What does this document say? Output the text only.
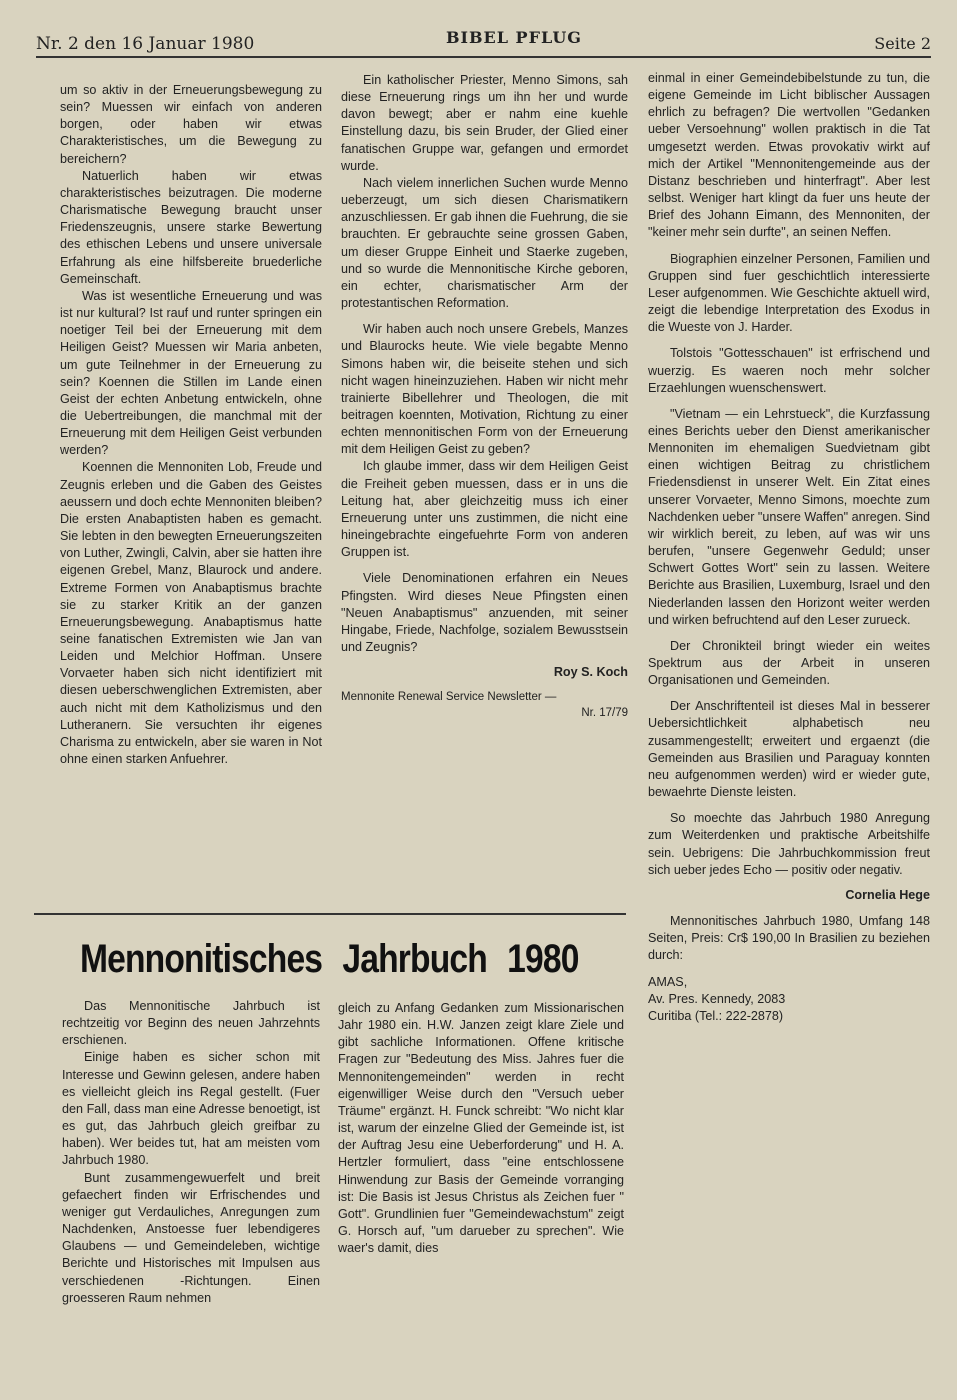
Nr. 2 den 16 Januar 1980	BIBEL PFLUG	Seite 2

um so aktiv in der Erneuerungsbewegung zu sein? Muessen wir einfach von anderen borgen, oder haben wir etwas Charakteristisches, um die Bewegung zu bereichern?

Natuerlich haben wir etwas charakteristisches beizutragen. Die moderne Charismatische Bewegung braucht unser Friedenszeugnis, unsere starke Bewertung des ethischen Lebens und unsere universale Erfahrung als eine hilfsbereite bruederliche Gemeinschaft.

Was ist wesentliche Erneuerung und was ist nur kultural? Ist rauf und runter springen ein noetiger Teil bei der Erneuerung mit dem Heiligen Geist? Muessen wir Maria anbeten, um gute Teilnehmer in der Erneuerung zu sein? Koennen die Stillen im Lande einen Geist der echten Anbetung entwickeln, ohne die Uebertreibungen, die manchmal mit der Erneuerung mit dem Heiligen Geist verbunden werden?

Koennen die Mennoniten Lob, Freude und Zeugnis erleben und die Gaben des Geistes aeussern und doch echte Mennoniten bleiben? Die ersten Anabaptisten haben es gemacht. Sie lebten in den bewegten Erneuerungszeiten von Luther, Zwingli, Calvin, aber sie hatten ihre eigenen Grebel, Manz, Blaurock und andere. Extreme Formen von Anabaptismus brachte sie zu starker Kritik an der ganzen Erneuerungsbewegung. Anabaptismus hatte seine fanatischen Extremisten wie Jan van Leiden und Melchior Hoffman. Unsere Vorvaeter haben sich nicht identifiziert mit diesen ueberschwenglichen Extremisten, aber auch nicht mit dem Katholizismus und den Lutheranern. Sie versuchten ihr eigenes Charisma zu entwickeln, aber sie waren in Not ohne einen starken Anfuehrer.

Ein katholischer Priester, Menno Simons, sah diese Erneuerung rings um ihn her und wurde davon bewegt; aber er nahm eine kuehle Einstellung dazu, bis sein Bruder, der Glied einer fanatischen Gruppe war, gefangen und ermordet wurde.

Nach vielem innerlichen Suchen wurde Menno ueberzeugt, um sich diesen Charismatikern anzuschliessen. Er gab ihnen die Fuehrung, die sie brauchten. Er gebrauchte seine grossen Gaben, um dieser Gruppe Einheit und Staerke zugeben, und so wurde die Mennonitische Kirche geboren, ein echter, charismatischer Arm der protestantischen Reformation.

Wir haben auch noch unsere Grebels, Manzes und Blaurocks heute. Wie viele begabte Menno Simons haben wir, die beiseite stehen und sich nicht wagen hineinzuziehen. Haben wir nicht mehr trainierte Bibellehrer und Theologen, die mit beitragen koennten, Motivation, Richtung zu einer echten mennonitischen Form von der Erneuerung mit dem Heiligen Geist zu geben?

Ich glaube immer, dass wir dem Heiligen Geist die Freiheit geben muessen, dass er in uns die Leitung hat, aber gleichzeitig muss ich einer Erneuerung unter uns zustimmen, die nicht eine hineingebrachte eingefuehrte Form von anderen Gruppen ist.

Viele Denominationen erfahren ein Neues Pfingsten. Wird dieses Neue Pfingsten einen "Neuen Anabaptismus" anzuenden, mit seiner Hingabe, Friede, Nachfolge, sozialem Bewusstsein und Zeugnis?

Roy S. Koch
Mennonite Renewal Service Newsletter —
Nr. 17/79
Mennonitisches Jahrbuch 1980

Das Mennonitische Jahrbuch ist rechtzeitig vor Beginn des neuen Jahrzehnts erschienen.

Einige haben es sicher schon mit Interesse und Gewinn gelesen, andere haben es vielleicht gleich ins Regal gestellt. (Fuer den Fall, dass man eine Adresse benoetigt, ist es gut, das Jahrbuch gleich greifbar zu haben). Wer beides tut, hat am meisten vom Jahrbuch 1980.

Bunt zusammengewuerfelt und breit gefaechert finden wir Erfrischendes und weniger gut Verdauliches, Anregungen zum Nachdenken, Anstoesse fuer lebendigeres Glaubens — und Gemeindeleben, wichtige Berichte und Historisches mit Impulsen aus verschiedenen -Richtungen. Einen groesseren Raum nehmen

gleich zu Anfang Gedanken zum Missionarischen Jahr 1980 ein. H.W. Janzen zeigt klare Ziele und gibt sachliche Informationen. Offene kritische Fragen zur "Bedeutung des Miss. Jahres fuer die Mennonitengemeinden" werden in recht eigenwilliger Weise durch den "Versuch ueber Träume" ergänzt. H. Funck schreibt: "Wo nicht klar ist, warum der einzelne Glied der Gemeinde ist, ist der Auftrag Jesu eine Ueberforderung" und H. A. Hertzler formuliert, dass "eine entschlossene Hinwendung zur Basis der Gemeinde vorranging ist: Die Basis ist Jesus Christus als Zeichen fuer " Gott". Grundlinien fuer "Gemeindewachstum" zeigt G. Horsch auf, "um darueber zu sprechen". Wie waer's damit, dies

einmal in einer Gemeindebibelstunde zu tun, die eigene Gemeinde im Licht biblischer Aussagen ehrlich zu befragen? Die wertvollen "Gedanken ueber Versoehnung" wollen praktisch in die Tat umgesetzt werden. Etwas provokativ wirkt auf mich der Artikel "Mennonitengemeinde aus der Distanz beschrieben und hinterfragt". Aber lest selbst. Weniger hart klingt da fuer uns heute der Brief des Johann Eimann, des Mennoniten, der "keiner mehr sein durfte", an seinen Neffen.

Biographien einzelner Personen, Familien und Gruppen sind fuer geschichtlich interessierte Leser aufgenommen. Wie Geschichte aktuell wird, zeigt die lebendige Interpretation des Exodus in die Wueste von J. Harder.

Tolstois "Gottesschauen" ist erfrischend und wuerzig. Es waeren noch mehr solcher Erzaehlungen wuenschenswert.

"Vietnam — ein Lehrstueck", die Kurzfassung eines Berichts ueber den Dienst amerikanischer Mennoniten im ehemaligen Suedvietnam gibt einen wichtigen Beitrag zu christlichem Friedensdienst in unserer Welt. Ein Zitat eines unserer Vorvaeter, Menno Simons, moechte zum Nachdenken ueber "unsere Waffen" anregen. Sind wir wirklich bereit, zu leben, auf was wir uns berufen, "unsere Gegenwehr Geduld; unser Schwert Gottes Wort" sein zu lassen. Weitere Berichte aus Brasilien, Luxemburg, Israel und den Niederlanden lassen den Horizont weiter werden und wirken befruchtend auf den Leser zurueck.

Der Chronikteil bringt wieder ein weites Spektrum aus der Arbeit in unseren Organisationen und Gemeinden.

Der Anschriftenteil ist dieses Mal in besserer Uebersichtlichkeit alphabetisch neu zusammengestellt; erweitert und ergaenzt (die Gemeinden aus Brasilien und Paraguay konnten neu aufgenommen werden) wird er wieder gute, bewaehrte Dienste leisten.

So moechte das Jahrbuch 1980 Anregung zum Weiterdenken und praktische Arbeitshilfe sein. Uebrigens: Die Jahrbuchkommission freut sich ueber jedes Echo — positiv oder negativ.

Cornelia Hege

Mennonitisches Jahrbuch 1980, Umfang 148 Seiten, Preis: Cr$ 190,00 In Brasilien zu beziehen durch:

AMAS,

Av. Pres. Kennedy, 2083

Curitiba (Tel.: 222-2878)
